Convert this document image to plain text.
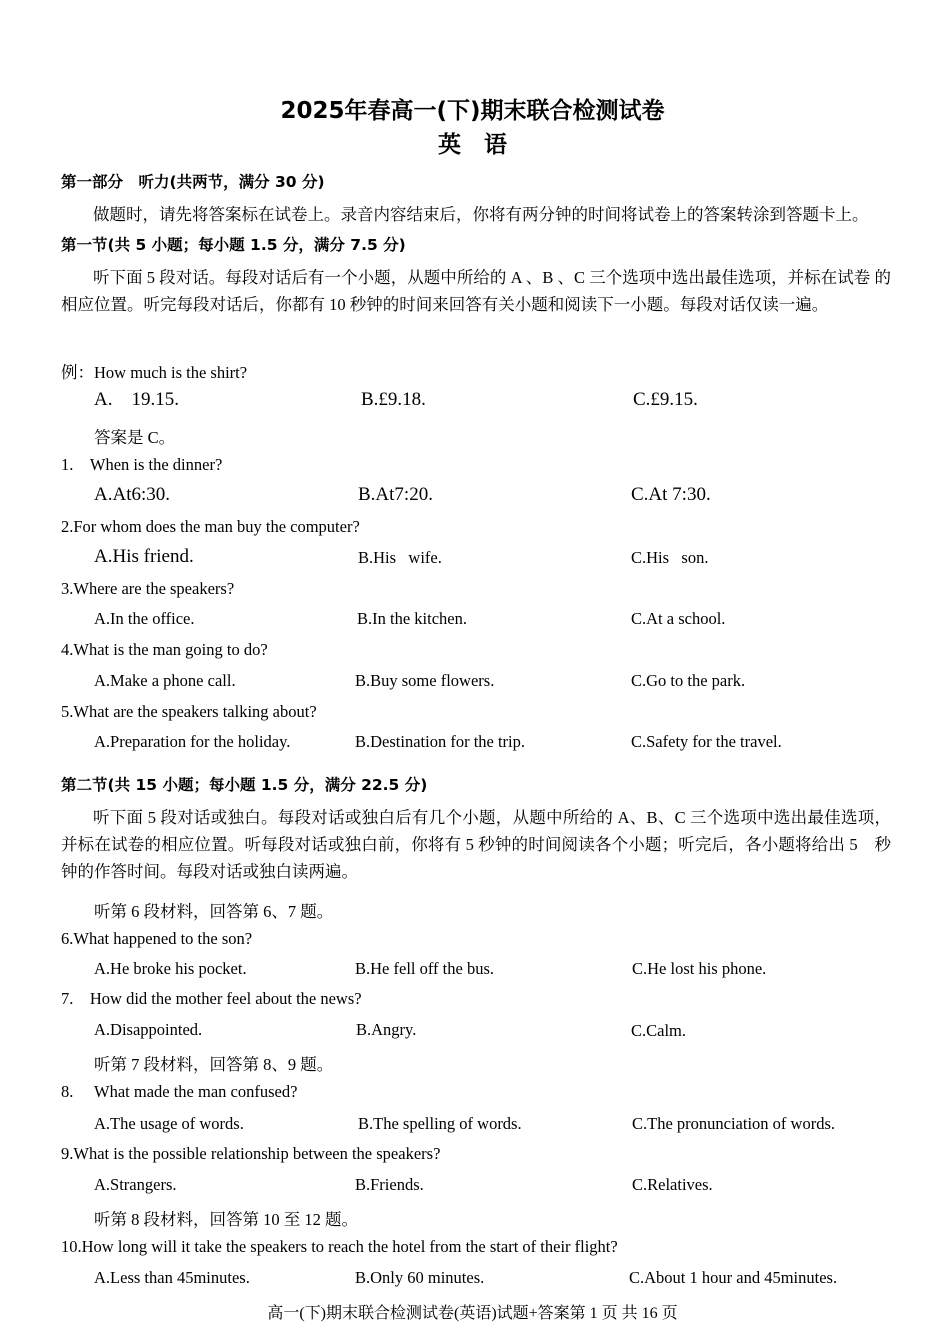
2025年春高一(下)期末联合检测试卷
英　语
第一部分　听力(共两节，满分 30 分)
做题时，请先将答案标在试卷上。录音内容结束后，你将有两分钟的时间将试卷上的答案转涂到答题卡上。
第一节(共 5 小题；每小题 1.5 分，满分 7.5 分)
听下面 5 段对话。每段对话后有一个小题，从题中所给的 A 、B 、C 三个选项中选出最佳选项，并标在试卷 的相应位置。听完每段对话后，你都有 10 秒钟的时间来回答有关小题和阅读下一小题。每段对话仅读一遍。
例：How much is the shirt?
A.    19.15.	B.£9.18.	C.£9.15.
答案是 C。
1.    When is the dinner?
A.At6:30.	B.At7:20.	C.At 7:30.
2.For whom does the man buy the computer?
A.His friend.	B.His   wife.	C.His   son.
3.Where are the speakers?
A.In the office.	B.In the kitchen.	C.At a school.
4.What is the man going to do?
A.Make a phone call.	B.Buy some flowers.	C.Go to the park.
5.What are the speakers talking about?
A.Preparation for the holiday.	B.Destination for the trip.	C.Safety for the travel.
第二节(共 15 小题；每小题 1.5 分，满分 22.5 分)
听下面 5 段对话或独白。每段对话或独白后有几个小题，从题中所给的 A、B、C 三个选项中选出最佳选项， 并标在试卷的相应位置。听每段对话或独白前，你将有 5 秒钟的时间阅读各个小题；听完后，各小题将给出 5　秒钟的作答时间。每段对话或独白读两遍。
听第 6 段材料，回答第 6、7 题。
6.What happened to the son?
A.He broke his pocket.	B.He fell off the bus.	C.He lost his phone.
7.    How did the mother feel about the news?
A.Disappointed.	B.Angry.	C.Calm.
听第 7 段材料，回答第 8、9 题。
8.     What made the man confused?
A.The usage of words.	B.The spelling of words.	C.The pronunciation of words.
9.What is the possible relationship between the speakers?
A.Strangers.	B.Friends.	C.Relatives.
听第 8 段材料，回答第 10 至 12 题。
10.How long will it take the speakers to reach the hotel from the start of their flight?
A.Less than 45minutes.	B.Only 60 minutes.	C.About 1 hour and 45minutes.
高一(下)期末联合检测试卷(英语)试题+答案第 1 页 共 16 页
